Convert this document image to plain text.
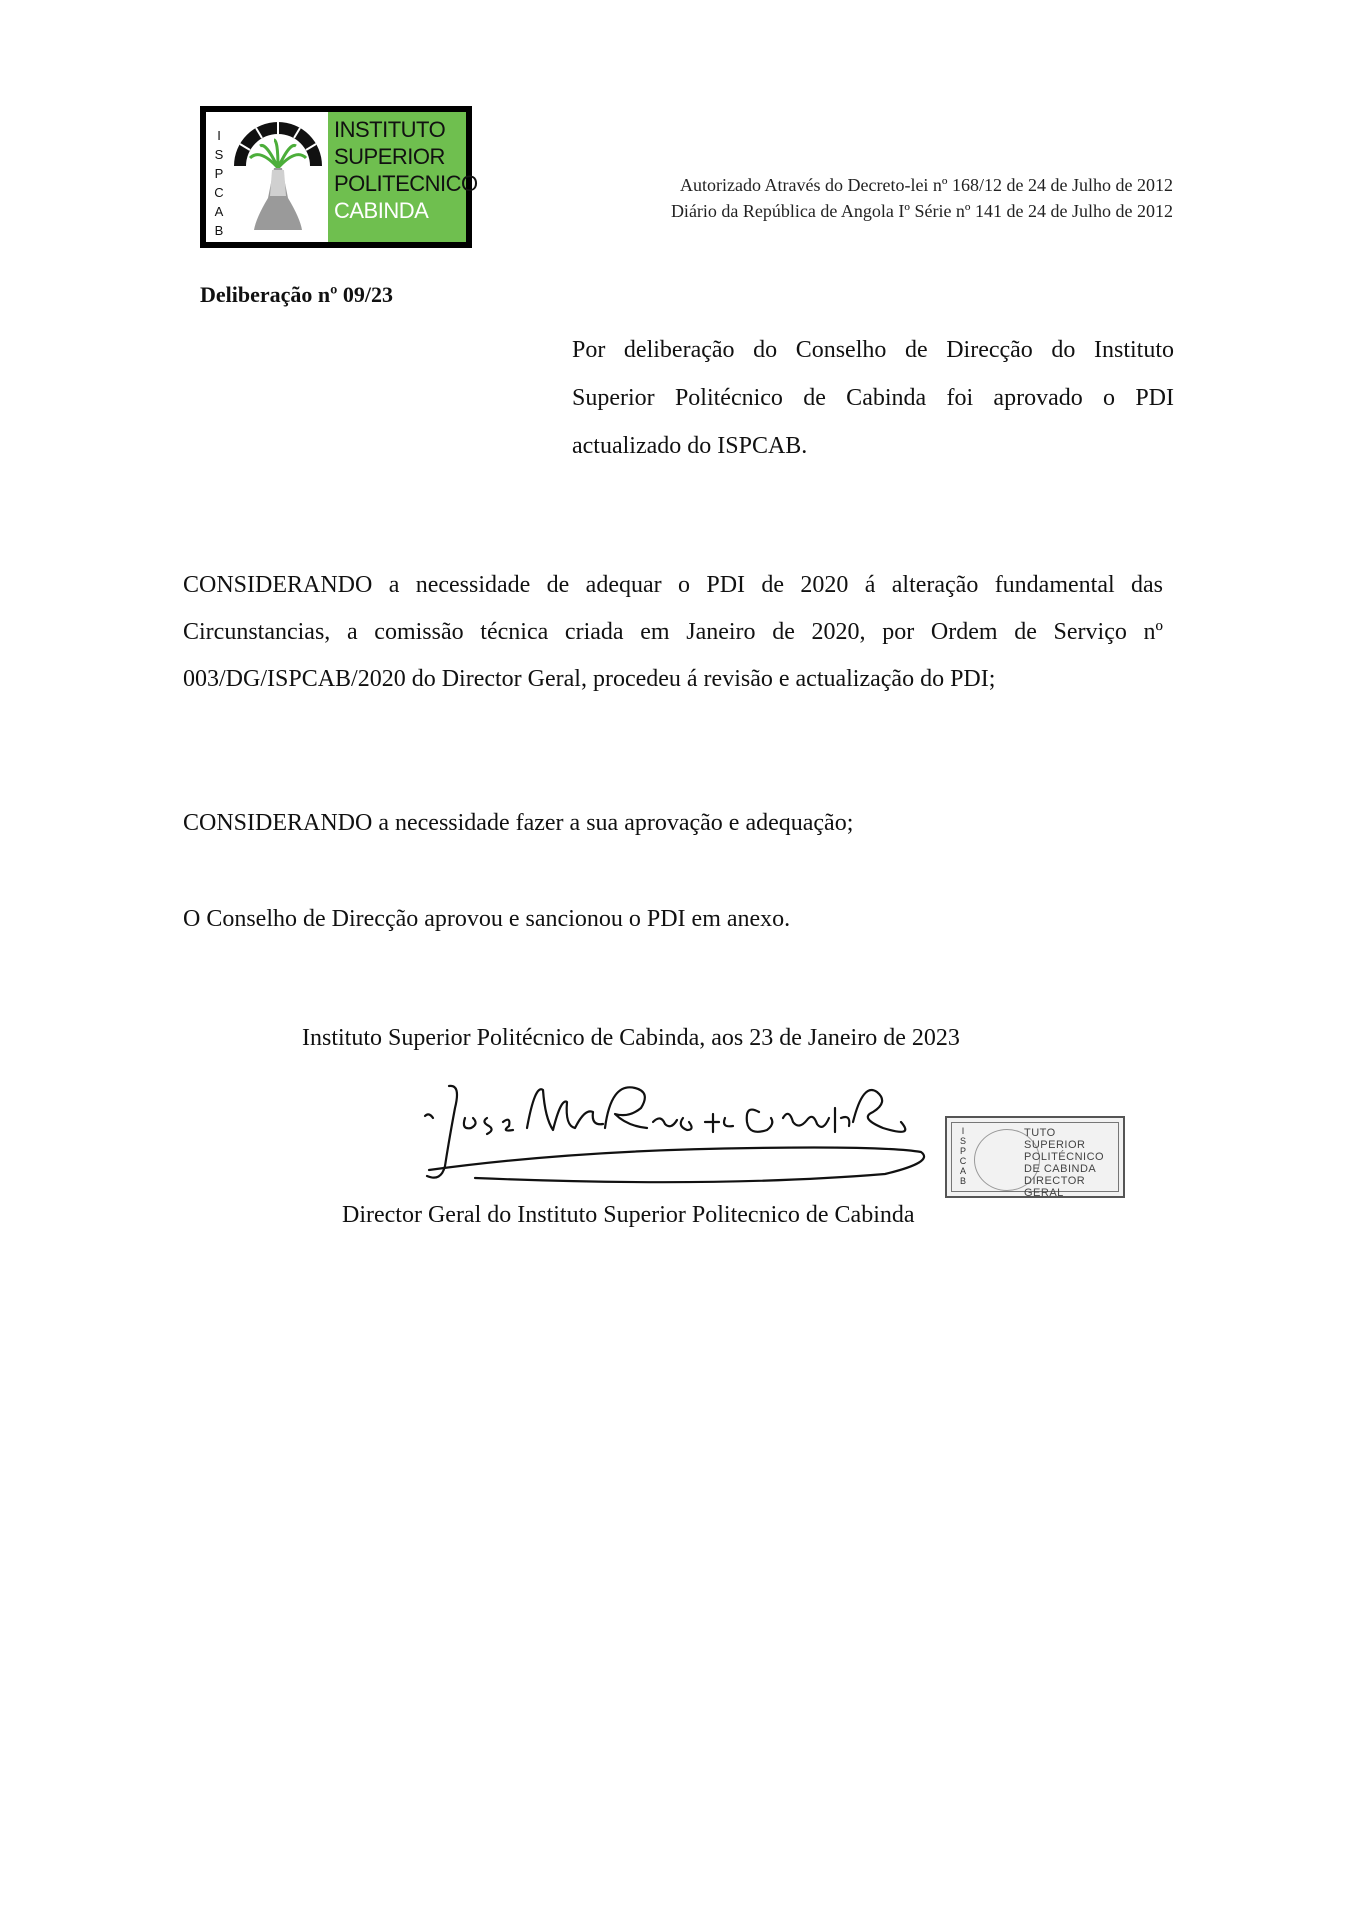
I
S
P
C
A
B
INSTITUTO
SUPERIOR
POLITECNICO
CABINDA
Autorizado Através do Decreto-lei nº 168/12 de 24 de Julho de 2012
Diário da República de Angola Iº Série nº 141 de 24 de Julho de 2012
Deliberação nº 09/23
Por deliberação do Conselho de Direcção do Instituto Superior Politécnico de Cabinda foi aprovado o PDI actualizado do ISPCAB.
CONSIDERANDO a necessidade de adequar o PDI de 2020 á alteração fundamental das Circunstancias, a comissão técnica criada em Janeiro de 2020, por Ordem de Serviço nº 003/DG/ISPCAB/2020 do Director Geral, procedeu á revisão e actualização do PDI;
CONSIDERANDO a necessidade fazer a sua aprovação e adequação;
O Conselho de Direcção aprovou e sancionou o PDI em anexo.
Instituto Superior Politécnico de Cabinda, aos 23 de Janeiro de 2023
I
S
P
C
A
B
TUTO
SUPERIOR
POLITÉCNICO
DE CABINDA
DIRECTOR GERAL
Director Geral do Instituto Superior Politecnico de Cabinda
